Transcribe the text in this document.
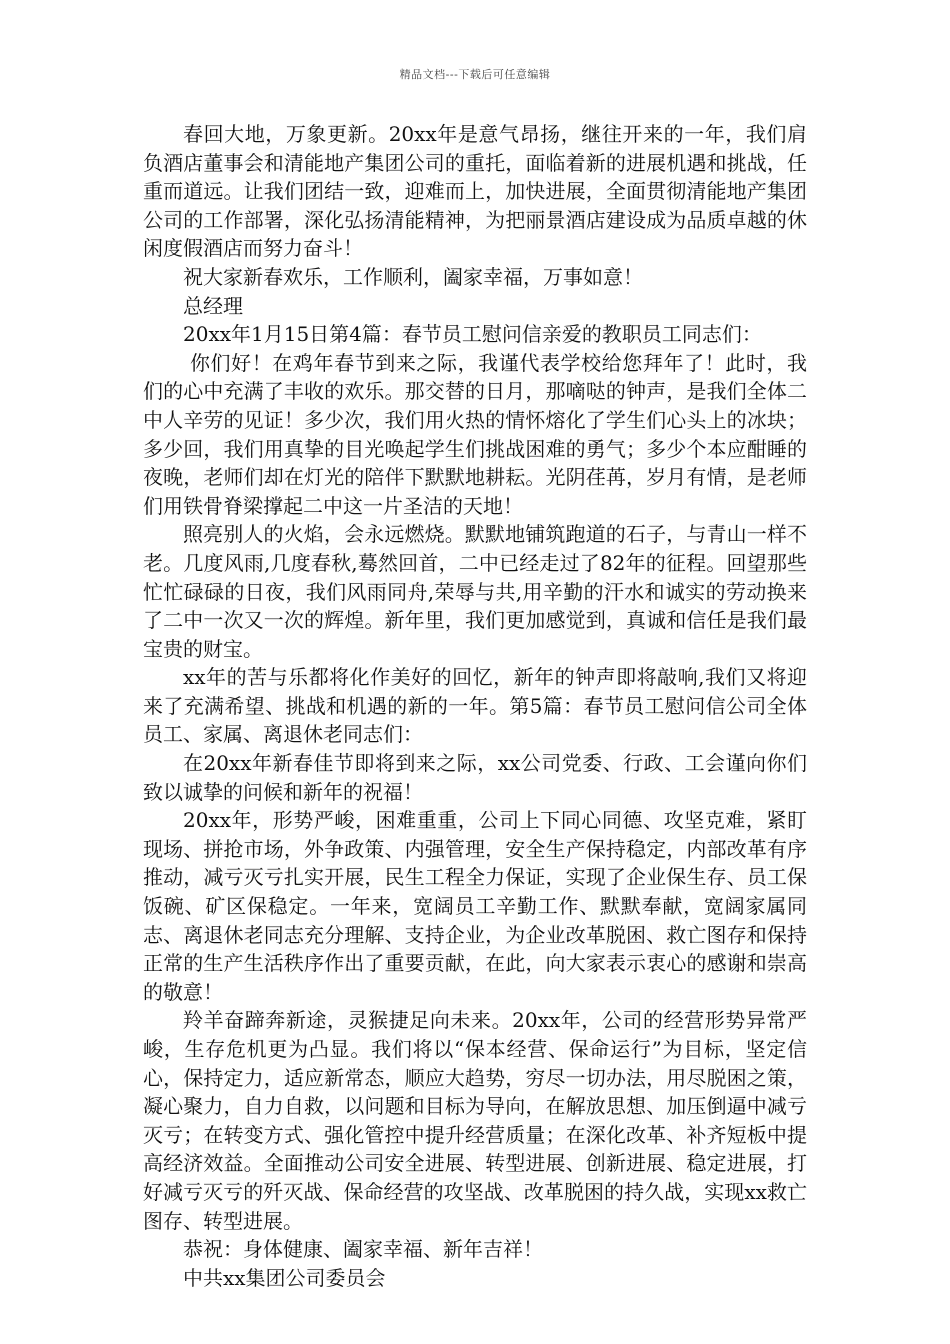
精品文档---下载后可任意编辑

春回大地，万象更新。20xx年是意气昂扬，继往开来的一年，我们肩负酒店董事会和清能地产集团公司的重托，面临着新的进展机遇和挑战，任重而道远。让我们团结一致，迎难而上，加快进展，全面贯彻清能地产集团公司的工作部署，深化弘扬清能精神，为把丽景酒店建设成为品质卓越的休闲度假酒店而努力奋斗！

祝大家新春欢乐，工作顺利，阖家幸福，万事如意！

总经理

20xx年1月15日第4篇：春节员工慰问信亲爱的教职员工同志们：

你们好！在鸡年春节到来之际，我谨代表学校给您拜年了！此时，我们的心中充满了丰收的欢乐。那交替的日月，那嘀哒的钟声，是我们全体二中人辛劳的见证！多少次，我们用火热的情怀熔化了学生们心头上的冰块；多少回，我们用真挚的目光唤起学生们挑战困难的勇气；多少个本应酣睡的夜晚，老师们却在灯光的陪伴下默默地耕耘。光阴荏苒，岁月有情，是老师们用铁骨脊梁撑起二中这一片圣洁的天地！

照亮别人的火焰，会永远燃烧。默默地铺筑跑道的石子，与青山一样不老。几度风雨,几度春秋,蓦然回首，二中已经走过了82年的征程。回望那些忙忙碌碌的日夜，我们风雨同舟,荣辱与共,用辛勤的汗水和诚实的劳动换来了二中一次又一次的辉煌。新年里，我们更加感觉到，真诚和信任是我们最宝贵的财宝。

xx年的苦与乐都将化作美好的回忆，新年的钟声即将敲响,我们又将迎来了充满希望、挑战和机遇的新的一年。第5篇：春节员工慰问信公司全体员工、家属、离退休老同志们：

在20xx年新春佳节即将到来之际，xx公司党委、行政、工会谨向你们致以诚挚的问候和新年的祝福！

20xx年，形势严峻，困难重重，公司上下同心同德、攻坚克难，紧盯现场、拼抢市场，外争政策、内强管理，安全生产保持稳定，内部改革有序推动，减亏灭亏扎实开展，民生工程全力保证，实现了企业保生存、员工保饭碗、矿区保稳定。一年来，宽阔员工辛勤工作、默默奉献，宽阔家属同志、离退休老同志充分理解、支持企业，为企业改革脱困、救亡图存和保持正常的生产生活秩序作出了重要贡献，在此，向大家表示衷心的感谢和崇高的敬意！

羚羊奋蹄奔新途，灵猴捷足向未来。20xx年，公司的经营形势异常严峻，生存危机更为凸显。我们将以“保本经营、保命运行”为目标，坚定信心，保持定力，适应新常态，顺应大趋势，穷尽一切办法，用尽脱困之策，凝心聚力，自力自救，以问题和目标为导向，在解放思想、加压倒逼中减亏灭亏；在转变方式、强化管控中提升经营质量；在深化改革、补齐短板中提高经济效益。全面推动公司安全进展、转型进展、创新进展、稳定进展，打好减亏灭亏的歼灭战、保命经营的攻坚战、改革脱困的持久战，实现xx救亡图存、转型进展。

恭祝：身体健康、阖家幸福、新年吉祥！

中共xx集团公司委员会
